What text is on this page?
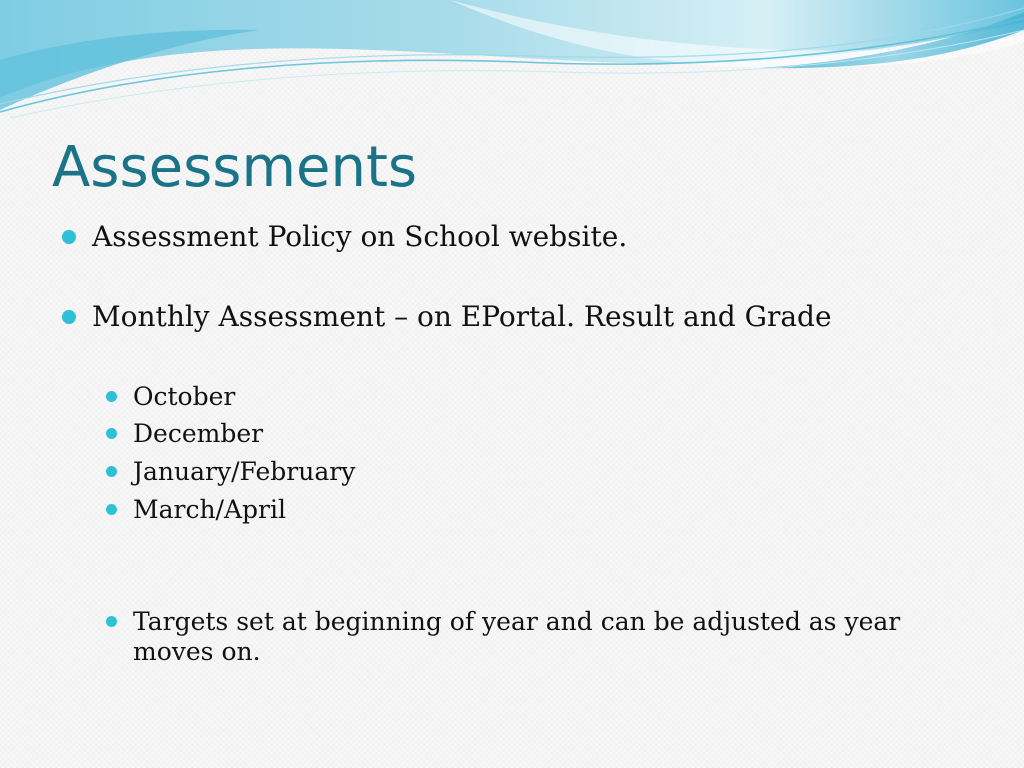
Assessments
Assessment Policy on School website.
Monthly Assessment – on EPortal. Result and Grade
October
December
January/February
March/April
Targets set at beginning of year and can be adjusted as year moves on.
